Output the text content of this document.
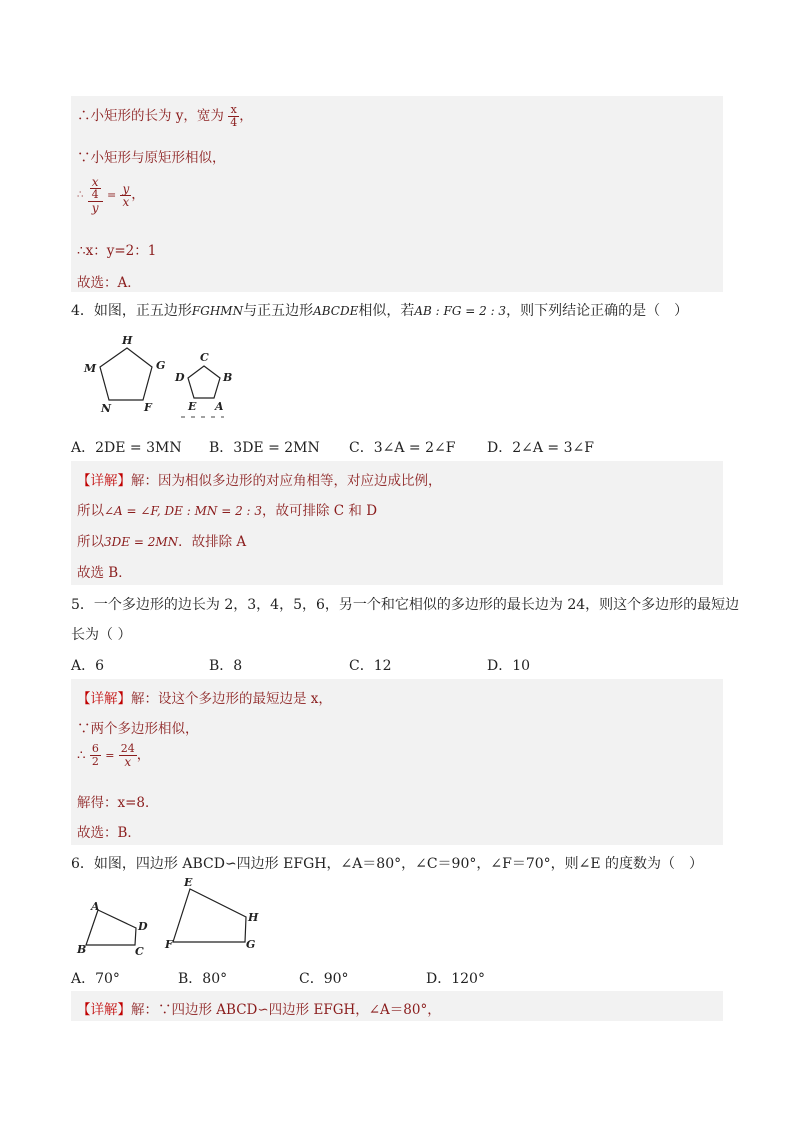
∴小矩形的长为 y，宽为 $\frac{x}{4}$ ，
∵小矩形与原矩形相似，
∴ $\frac{\frac{x}{4}}{y} = \frac{y}{x}$ ，
∴x：y=2：1
故选：A．
4．如图，正五边形FGHMN与正五边形ABCDE相似，若AB : FG = 2 : 3，则下列结论正确的是（　）
H
G
M
N	F
C
D	B
E A
A．2DE = 3MN B．3DE = 2MN C．3∠A = 2∠F D．2∠A = 3∠F
【详解】解：因为相似多边形的对应角相等，对应边成比例，
所以∠A = ∠F, DE : MN = 2 : 3，故可排除 C 和 D
所以3DE = 2MN．故排除 A
故选 B．
5．一个多边形的边长为 2，3，4，5，6，另一个和它相似的多边形的最长边为 24，则这个多边形的最短边
长为（ ）
A．6	B．8	C．12	D．10
【详解】解：设这个多边形的最短边是 x，
∵两个多边形相似，
∴ $\frac{6}{2} = \frac{24}{x}$ ，
解得：x=8．
故选：B．
6．如图，四边形 ABCD∽四边形 EFGH，∠A＝80°，∠C＝90°，∠F＝70°，则∠E 的度数为（　）
A
D
B	C
E
H
F	G
A．70°	B．80°	C．90°	D．120°
【详解】解：∵四边形 ABCD∽四边形 EFGH，∠A＝80°，
